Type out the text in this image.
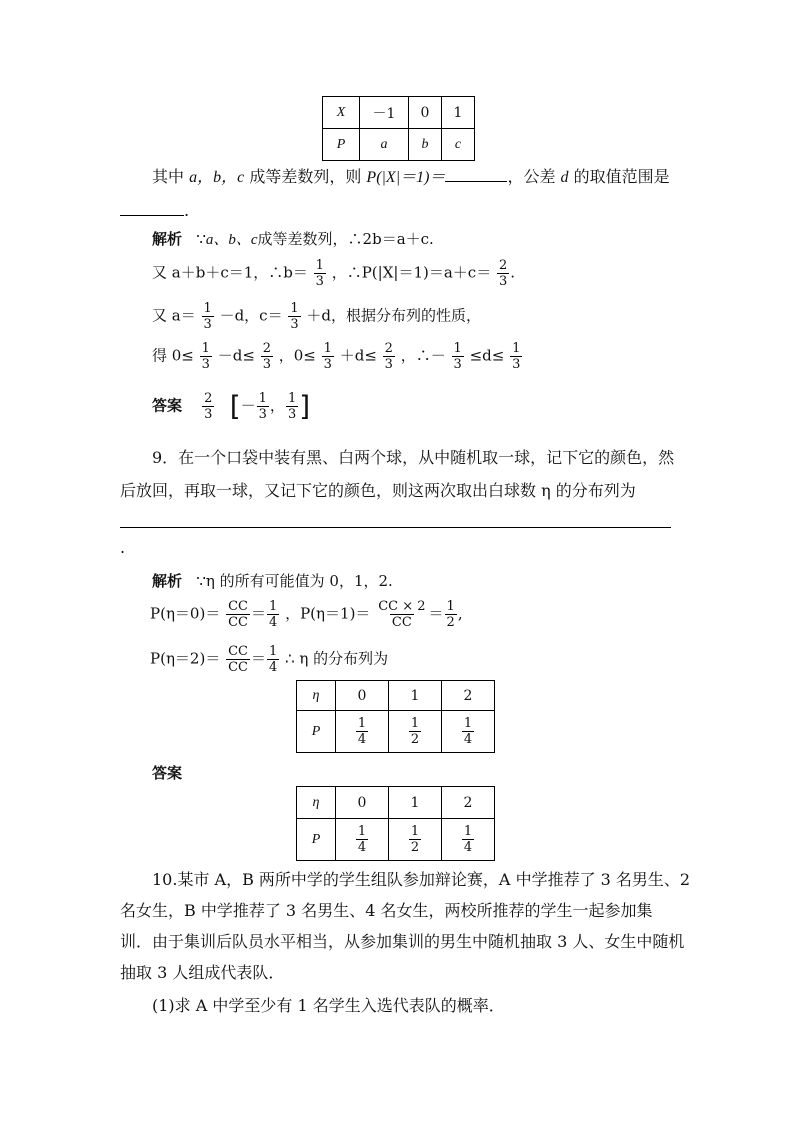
X	－1	0	1
P	a	b	c
其中 a，b，c 成等差数列，则 P(|X|＝1)＝	，公差 d 的取值范围是
.
解析 ∵a、b、c成等差数列，∴2b＝a＋c.
又 a＋b＋c＝1，∴b＝ $\frac{1}{3}$ ，∴P(|X|＝1)＝a＋c＝ $\frac{2}{3}$ .
又 $a= \frac{1}{3} -d$，$c= \frac{1}{3} +d$，根据分布列的性质，
得 $0\le \frac{1}{3} -d\le \frac{2}{3}$ ，$0\le \frac{1}{3} +d\le \frac{2}{3}$ ，∴－ $\frac{1}{3} \le d\le \frac{1}{3}$
答案 $\frac{2}{3}$ [－ $\frac{1}{3}$ ， $\frac{1}{3}$ ]
9．在一个口袋中装有黑、白两个球，从中随机取一球，记下它的颜色，然
后放回，再取一球，又记下它的颜色，则这两次取出白球数 η 的分布列为
.
解析 ∵η 的所有可能值为 0，1，2.
$P(\eta=0)= \frac{CC}{CC} = \frac{1}{4}$ ，$P(\eta=1)= \frac{CC \times 2}{CC} = \frac{1}{2}$ ,
$P(\eta=2)= \frac{CC}{CC} = \frac{1}{4}$ ∴ η 的分布列为
η	0	1	2
P	$\frac{1}{4}$	$\frac{1}{2}$	$\frac{1}{4}$
答案
η	0	1	2
P	$\frac{1}{4}$	$\frac{1}{2}$	$\frac{1}{4}$
10.某市 A，B 两所中学的学生组队参加辩论赛，A 中学推荐了 3 名男生、2
名女生，B 中学推荐了 3 名男生、4 名女生，两校所推荐的学生一起参加集
训．由于集训后队员水平相当，从参加集训的男生中随机抽取 3 人、女生中随机
抽取 3 人组成代表队．
(1)求 A 中学至少有 1 名学生入选代表队的概率．
